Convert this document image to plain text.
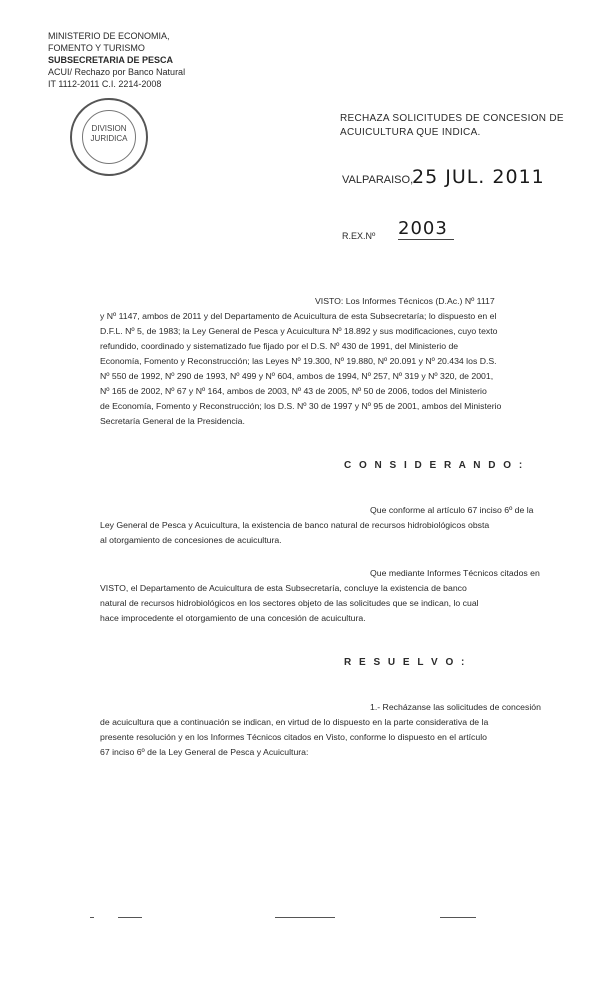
MINISTERIO DE ECONOMIA,
FOMENTO Y TURISMO
SUBSECRETARIA DE PESCA
ACUI/ Rechazo por Banco Natural
IT 1112-2011 C.I. 2214-2008
DIVISION
JURIDICA
RECHAZA SOLICITUDES DE CONCESION DE
ACUICULTURA QUE INDICA.
VALPARAISO,
25 JUL. 2011
R.EX.Nº 2003
VISTO: Los Informes Técnicos (D.Ac.) Nº 1117
y Nº 1147, ambos de 2011 y del Departamento de Acuicultura de esta Subsecretaría; lo dispuesto en el
D.F.L. Nº 5, de 1983; la Ley General de Pesca y Acuicultura Nº 18.892 y sus modificaciones, cuyo texto
refundido, coordinado y sistematizado fue fijado por el D.S. Nº 430 de 1991, del Ministerio de
Economía, Fomento y Reconstrucción; las Leyes Nº 19.300, Nº 19.880, Nº 20.091 y Nº 20.434 los D.S.
Nº 550 de 1992, Nº 290 de 1993, Nº 499 y Nº 604, ambos de 1994, Nº 257, Nº 319 y Nº 320, de 2001,
Nº 165 de 2002, Nº 67 y Nº 164, ambos de 2003, Nº 43 de 2005, Nº 50 de 2006, todos del Ministerio
de Economía, Fomento y Reconstrucción; los D.S. Nº 30 de 1997 y Nº 95 de 2001, ambos del Ministerio
Secretaría General de la Presidencia.
C O N S I D E R A N D O :
Que conforme al artículo 67 inciso 6º de la
Ley General de Pesca y Acuicultura, la existencia de banco natural de recursos hidrobiológicos obsta
al otorgamiento de concesiones de acuicultura.
Que mediante Informes Técnicos citados en
VISTO, el Departamento de Acuicultura de esta Subsecretaría, concluye la existencia de banco
natural de recursos hidrobiológicos en los sectores objeto de las solicitudes que se indican, lo cual
hace improcedente el otorgamiento de una concesión de acuicultura.
R E S U E L V O :
1.- Recházanse las solicitudes de concesión
de acuicultura que a continuación se indican, en virtud de lo dispuesto en la parte considerativa de la
presente resolución y en los Informes Técnicos citados en Visto, conforme lo dispuesto en el artículo
67 inciso 6º de la Ley General de Pesca y Acuicultura:
